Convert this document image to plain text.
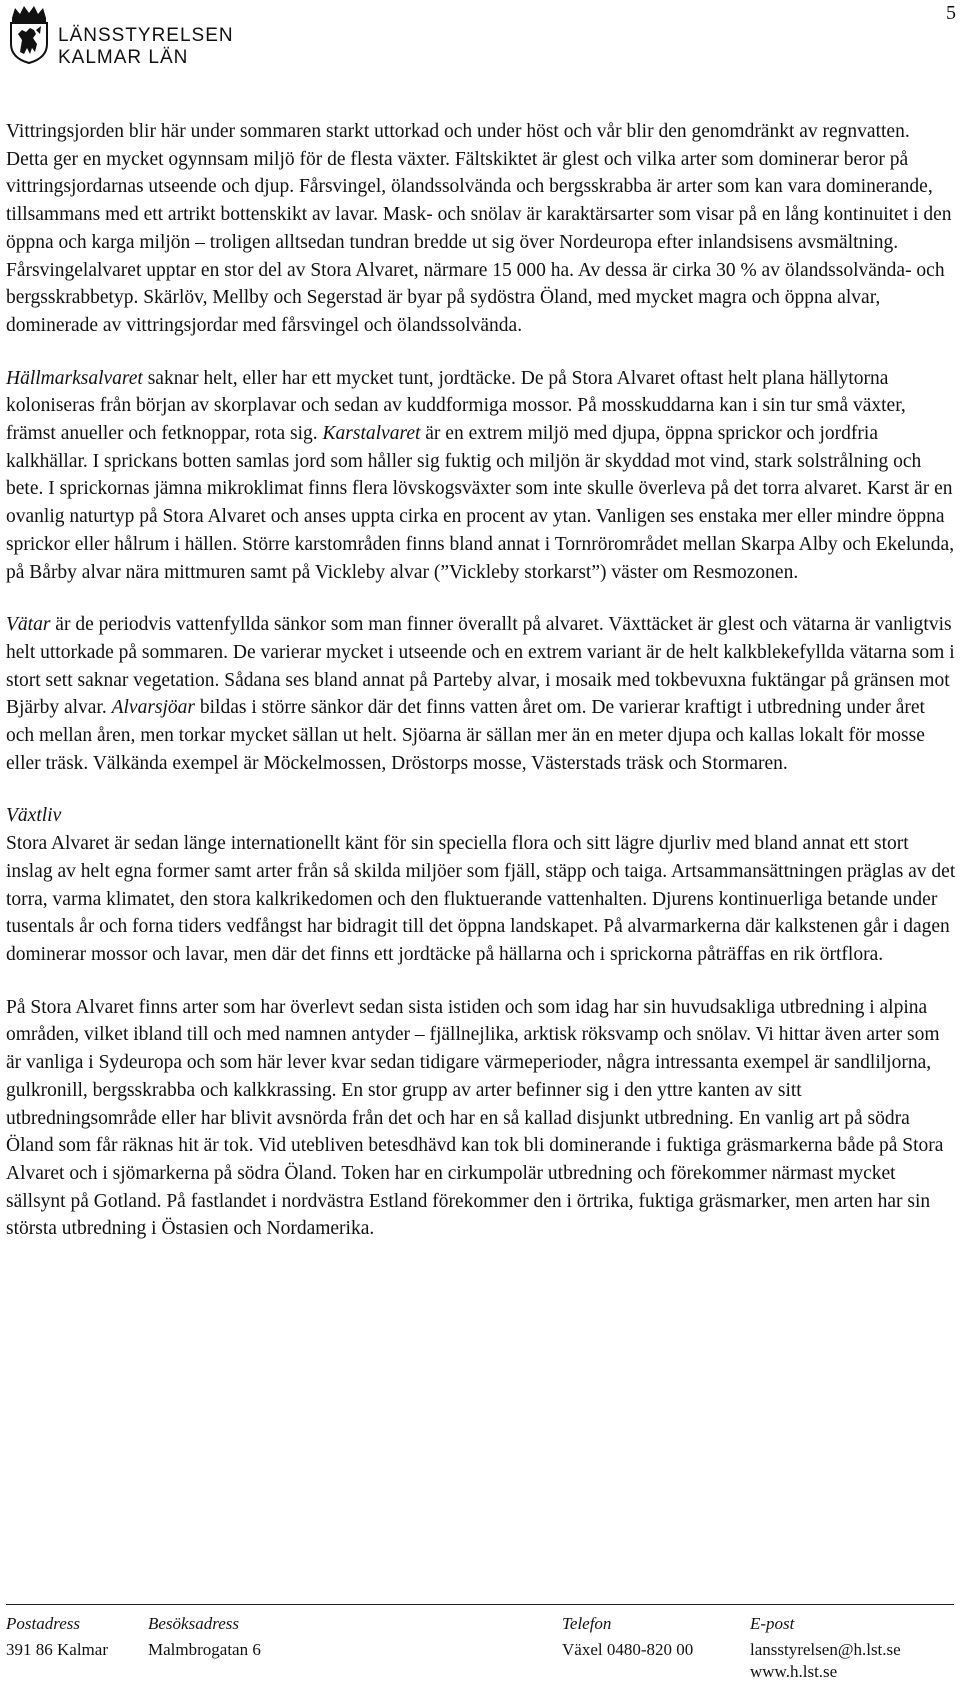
LÄNSSTYRELSEN
KALMAR LÄN
5

Vittringsjorden blir här under sommaren starkt uttorkad och under höst och vår blir den genomdränkt av regnvatten. Detta ger en mycket ogynnsam miljö för de flesta växter. Fältskiktet är glest och vilka arter som dominerar beror på vittringsjordarnas utseende och djup. Fårsvingel, ölandssolvända och bergsskrabba är arter som kan vara dominerande, tillsammans med ett artrikt bottenskikt av lavar. Mask- och snölav är karaktärsarter som visar på en lång kontinuitet i den öppna och karga miljön – troligen alltsedan tundran bredde ut sig över Nordeuropa efter inlandsisens avsmältning. Fårsvingelalvaret upptar en stor del av Stora Alvaret, närmare 15 000 ha. Av dessa är cirka 30 % av ölandssolvända- och bergsskrabbetyp. Skärlöv, Mellby och Segerstad är byar på sydöstra Öland, med mycket magra och öppna alvar, dominerade av vittringsjordar med fårsvingel och ölandssolvända.

Hällmarksalvaret saknar helt, eller har ett mycket tunt, jordtäcke. De på Stora Alvaret oftast helt plana hällytorna koloniseras från början av skorplavar och sedan av kuddformiga mossor. På mosskuddarna kan i sin tur små växter, främst anueller och fetknoppar, rota sig. Karstalvaret är en extrem miljö med djupa, öppna sprickor och jordfria kalkhällar. I sprickans botten samlas jord som håller sig fuktig och miljön är skyddad mot vind, stark solstrålning och bete. I sprickornas jämna mikroklimat finns flera lövskogsväxter som inte skulle överleva på det torra alvaret. Karst är en ovanlig naturtyp på Stora Alvaret och anses uppta cirka en procent av ytan. Vanligen ses enstaka mer eller mindre öppna sprickor eller hålrum i hällen. Större karstområden finns bland annat i Tornrörområdet mellan Skarpa Alby och Ekelunda, på Bårby alvar nära mittmuren samt på Vickleby alvar (”Vickleby storkarst”) väster om Resmozonen.

Vätar är de periodvis vattenfyllda sänkor som man finner överallt på alvaret. Växttäcket är glest och vätarna är vanligtvis helt uttorkade på sommaren. De varierar mycket i utseende och en extrem variant är de helt kalkblekefyllda vätarna som i stort sett saknar vegetation. Sådana ses bland annat på Parteby alvar, i mosaik med tokbevuxna fuktängar på gränsen mot Bjärby alvar. Alvarsjöar bildas i större sänkor där det finns vatten året om. De varierar kraftigt i utbredning under året och mellan åren, men torkar mycket sällan ut helt. Sjöarna är sällan mer än en meter djupa och kallas lokalt för mosse eller träsk. Välkända exempel är Möckelmossen, Dröstorps mosse, Västerstads träsk och Stormaren.

Växtliv

Stora Alvaret är sedan länge internationellt känt för sin speciella flora och sitt lägre djurliv med bland annat ett stort inslag av helt egna former samt arter från så skilda miljöer som fjäll, stäpp och taiga. Artsammansättningen präglas av det torra, varma klimatet, den stora kalkrikedomen och den fluktuerande vattenhalten. Djurens kontinuerliga betande under tusentals år och forna tiders vedfångst har bidragit till det öppna landskapet. På alvarmarkerna där kalkstenen går i dagen dominerar mossor och lavar, men där det finns ett jordtäcke på hällarna och i sprickorna påträffas en rik örtflora.

På Stora Alvaret finns arter som har överlevt sedan sista istiden och som idag har sin huvudsakliga utbredning i alpina områden, vilket ibland till och med namnen antyder – fjällnejlika, arktisk röksvamp och snölav. Vi hittar även arter som är vanliga i Sydeuropa och som här lever kvar sedan tidigare värmeperioder, några intressanta exempel är sandliljorna, gulkronill, bergsskrabba och kalkkrassing. En stor grupp av arter befinner sig i den yttre kanten av sitt utbredningsområde eller har blivit avsnörda från det och har en så kallad disjunkt utbredning. En vanlig art på södra Öland som får räknas hit är tok. Vid utebliven betesdhävd kan tok bli dominerande i fuktiga gräsmarkerna både på Stora Alvaret och i sjömarkerna på södra Öland. Token har en cirkumpolär utbredning och förekommer närmast mycket sällsynt på Gotland. På fastlandet i nordvästra Estland förekommer den i örtrika, fuktiga gräsmarker, men arten har sin största utbredning i Östasien och Nordamerika.

Postadress
391 86 Kalmar
Besöksadress
Malmbrogatan 6
Telefon
Växel 0480-820 00
E-post
lansstyrelsen@h.lst.se
www.h.lst.se
